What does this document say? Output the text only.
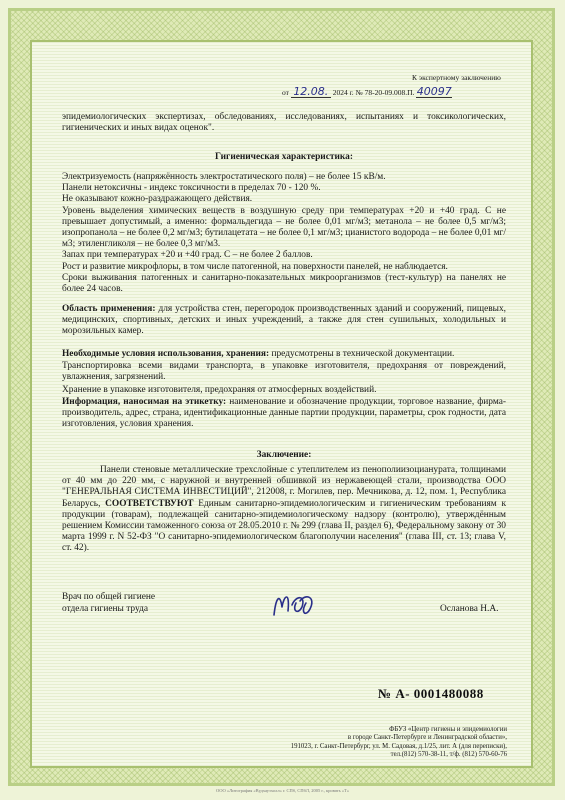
К экспертному заключению
от 12.08. 2024 г. № 78-20-09.008.П. 40097
эпидемиологических экспертизах, обследованиях, исследованиях, испытаниях и токсикологических, гигиенических и иных видах оценок".
Гигиеническая характеристика:
Электризуемость (напряжённость электростатического поля) – не более 15 кВ/м.
Панели нетоксичны - индекс токсичности в пределах 70 - 120 %.
Не оказывают кожно-раздражающего действия.
Уровень выделения химических веществ в воздушную среду при температурах +20 и +40 град. С не превышает допустимый, а именно: формальдегида – не более 0,01 мг/м3; метанола – не более 0,5 мг/м3; изопропанола – не более 0,2 мг/м3; бутилацетата – не более 0,1 мг/м3; цианистого водорода – не более 0,01 мг/м3; этиленгликоля – не более 0,3 мг/м3.
Запах при температурах +20 и +40 град. С – не более 2 баллов.
Рост и развитие микрофлоры, в том числе патогенной, на поверхности панелей, не наблюдается.
Сроки выживания патогенных и санитарно-показательных микроорганизмов (тест-культур) на панелях не более 24 часов.
Область применения: для устройства стен, перегородок производственных зданий и сооружений, пищевых, медицинских, спортивных, детских и иных учреждений, а также для стен сушильных, холодильных и морозильных камер.
Необходимые условия использования, хранения: предусмотрены в технической документации.
Транспортировка всеми видами транспорта, в упаковке изготовителя, предохраняя от повреждений, увлажнения, загрязнений.
Хранение в упаковке изготовителя, предохраняя от атмосферных воздействий.
Информация, наносимая на этикетку: наименование и обозначение продукции, торговое название, фирма-производитель, адрес, страна, идентификационные данные партии продукции, параметры, срок годности, дата изготовления, условия хранения.
Заключение:
Панели стеновые металлические трехслойные с утеплителем из пенополиизоцианурата, толщинами от 40 мм до 220 мм, с наружной и внутренней обшивкой из нержавеющей стали, производства ООО "ГЕНЕРАЛЬНАЯ СИСТЕМА ИНВЕСТИЦИЙ", 212008, г. Могилев, пер. Мечникова, д. 12, пом. 1, Республика Беларусь, СООТВЕТСТВУЮТ Единым санитарно-эпидемиологическим и гигиеническим требованиям к продукции (товарам), подлежащей санитарно-эпидемиологическому надзору (контролю), утверждённым решением Комиссии таможенного союза от 28.05.2010 г. № 299 (глава II, раздел 6), Федеральному закону от 30 марта 1999 г. N 52-ФЗ "О санитарно-эпидемиологическом благополучии населения" (глава III, ст. 13; глава V, ст. 42).
Врач по общей гигиене
отдела гигиены труда	Осланова Н.А.
№ А- 0001480088
ФБУЗ «Центр гигиены и эпидемиологии
в городе Санкт-Петербурге и Ленинградской области»,
191023, г. Санкт-Петербург, ул. М. Садовая, д.1/25, лит. А (для переписки),
тел.(812) 570-38-11, т/ф. (812) 570-60-76
ООО «Литография «Вудхаузхолл» г. СПб, СПбЛ, 2005 г., кровать «Т»
